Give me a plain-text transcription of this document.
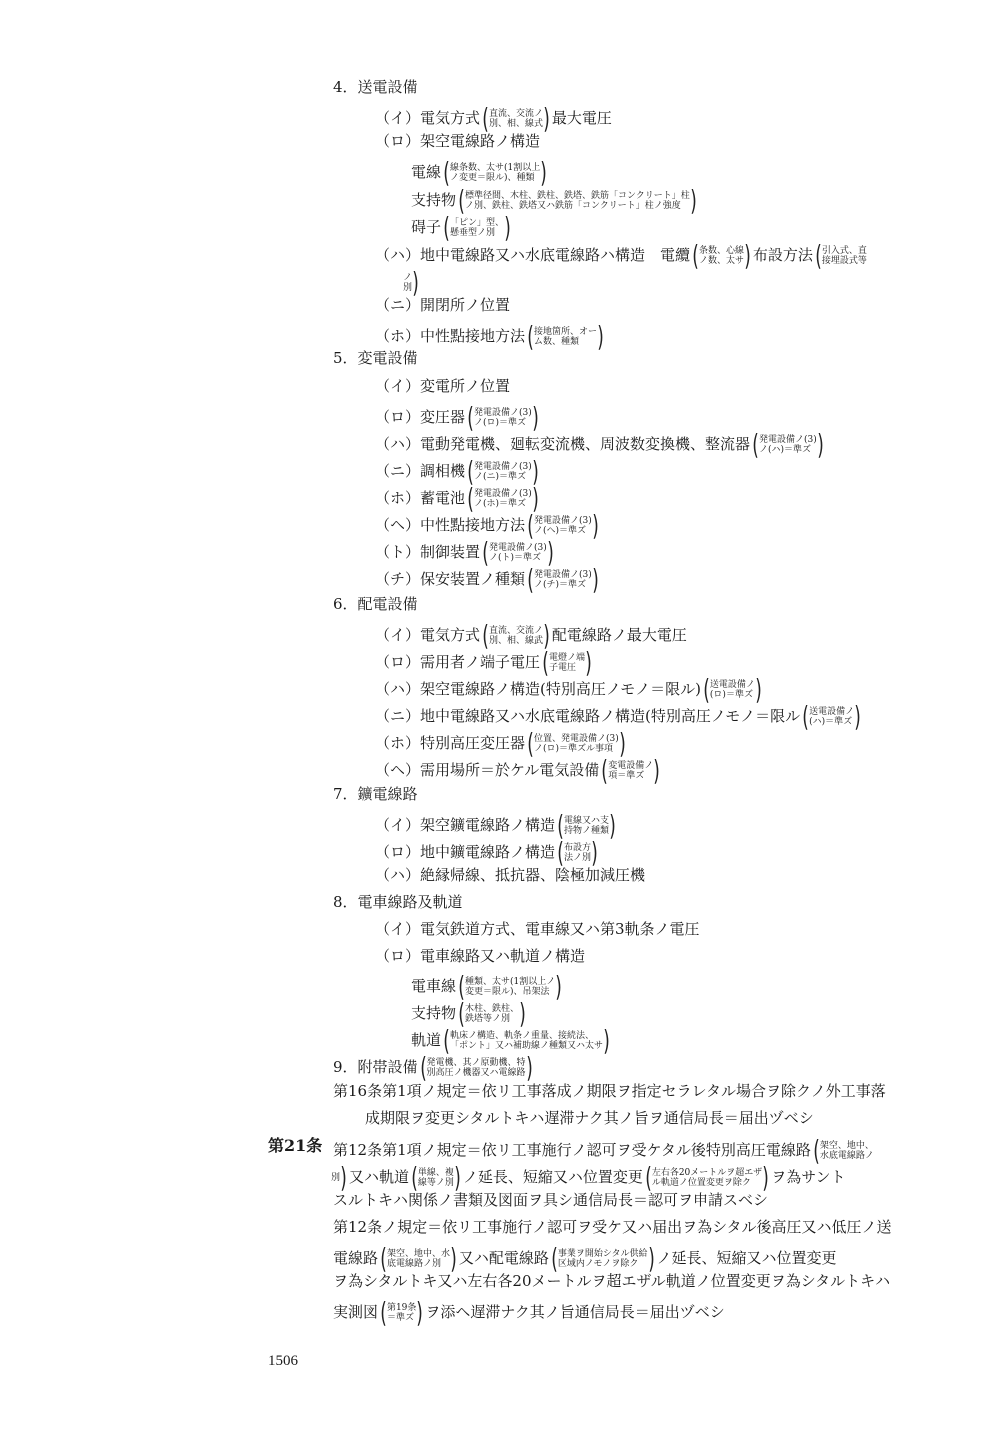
4．送電設備
（イ）電気方式( 直流、交流ノ
別、相、線式 ) 最大電圧
（ロ）架空電線路ノ構造
電線( 線条数、太サ(1割以上
ノ変更＝限ル)、種類 )
支持物( 標準径間、木柱、鉄柱、鉄塔、鉄筋「コンクリート」柱
ノ別、鉄柱、鉄塔又ハ鉄筋「コンクリート」柱ノ強度 )
碍子( 「ピン」型、
懸垂型ノ別 )
（ハ）地中電線路又ハ水底電線路ハ構造　電纜( 条数、心線
ノ数、太サ ) 布設方法( 引入式、直
接埋設式等
ノ
別 )
（ニ）開閉所ノ位置
（ホ）中性點接地方法( 接地箇所、オー
ム数、種類 )
5．変電設備
（イ）変電所ノ位置
（ロ）変圧器( 発電設備ノ(3)
ノ(ロ)＝準ズ )
（ハ）電動発電機、廻転変流機、周波数変換機、整流器( 発電設備ノ(3)
ノ(ハ)＝準ズ )
（ニ）調相機( 発電設備ノ(3)
ノ(ニ)＝準ズ )
（ホ）蓄電池( 発電設備ノ(3)
ノ(ホ)＝準ズ )
（ヘ）中性點接地方法( 発電設備ノ(3)
ノ(ヘ)＝準ズ )
（ト）制御装置( 発電設備ノ(3)
ノ(ト)＝準ズ )
（チ）保安装置ノ種類( 発電設備ノ(3)
ノ(チ)＝準ズ )
6．配電設備
（イ）電気方式( 直流、交流ノ
別、相、線武 ) 配電線路ノ最大電圧
（ロ）需用者ノ端子電圧( 電燈ノ端
子電圧 )
（ハ）架空電線路ノ構造(特別高圧ノモノ＝限ル)( 送電設備ノ
(ロ)＝準ズ )
（ニ）地中電線路又ハ水底電線路ノ構造(特別高圧ノモノ＝限ル( 送電設備ノ
(ハ)＝準ズ )
（ホ）特別高圧変圧器( 位置、発電設備ノ(3)
ノ(ロ)＝準ズル事項 )
（ヘ）需用場所＝於ケル電気設備( 変電設備ノ
項＝準ズ )
7．鑛電線路
（イ）架空鑛電線路ノ構造( 電線又ハ支
持物ノ種類 )
（ロ）地中鑛電線路ノ構造( 布設方
法ノ別 )
（ハ）絶縁帰線、抵抗器、陰極加減圧機
8．電車線路及軌道
（イ）電気鉄道方式、電車線又ハ第3軌条ノ電圧
（ロ）電車線路又ハ軌道ノ構造
電車線( 種類、太サ(1割以上ノ
変更＝限ル)、吊架法 )
支持物( 木柱、鉄柱、
鉄塔等ノ別 )
軌道( 軌床ノ構造、軌条ノ重量、接続法、
「ポント」又ハ補助線ノ種類又ハ太サ )
9．附帯設備( 発電機、其ノ原動機、特
別高圧ノ機器又ハ電線路 )
第16条第1項ノ規定＝依リ工事落成ノ期限ヲ指定セラレタル場合ヲ除クノ外工事落
成期限ヲ変更シタルトキハ遅滞ナク其ノ旨ヲ通信局長＝届出ヅベシ
第21条 第12条第1項ノ規定＝依リ工事施行ノ認可ヲ受ケタル後特別高圧電線路( 架空、地中、
水底電線路ノ
別 ) 又ハ軌道( 単線、複
線等ノ別 ) ノ延長、短縮又ハ位置変更( 左右各20メートルヲ超エザ
ル軌道ノ位置変更ヲ除ク ) ヲ為サント
スルトキハ関係ノ書類及図面ヲ具シ通信局長＝認可ヲ申請スベシ
第12条ノ規定＝依リ工事施行ノ認可ヲ受ケ又ハ届出ヲ為シタル後高圧又ハ低圧ノ送
電線路( 架空、地中、水
底電線路ノ別 ) 又ハ配電線路( 事業ヲ開始シタル供給
区域内ノモノヲ除ク ) ノ延長、短縮又ハ位置変更
ヲ為シタルトキ又ハ左右各20メートルヲ超エザル軌道ノ位置変更ヲ為シタルトキハ
実測図( 第19条
＝準ズ ) ヲ添ヘ遅滞ナク其ノ旨通信局長＝届出ヅベシ
1506
